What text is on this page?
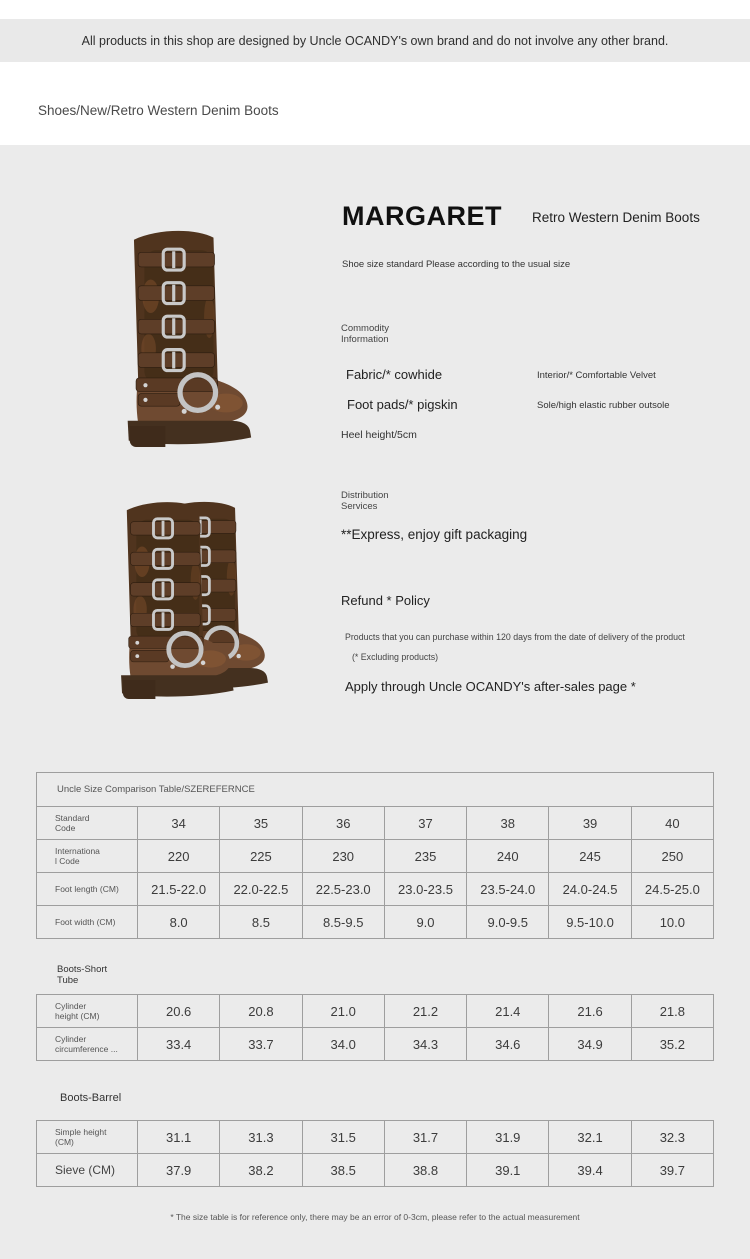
All products in this shop are designed by Uncle OCANDY's own brand and do not involve any other brand.
Shoes/New/Retro Western Denim Boots
MARGARET Retro Western Denim Boots
Shoe size standard Please according to the usual size
Commodity
Information
Fabric/* cowhide	Interior/* Comfortable Velvet
Foot pads/* pigskin	Sole/high elastic rubber outsole
Heel height/5cm
Distribution
Services
**Express, enjoy gift packaging
Refund * Policy
Products that you can purchase within 120 days from the date of delivery of the product
(* Excluding products)
Apply through Uncle OCANDY's after-sales page *
Uncle Size Comparison Table/SZEREFERNCE							
Standard
Code	34	35	36	37	38	39	40
Internationa
l Code	220	225	230	235	240	245	250
Foot length (CM)	21.5-22.0	22.0-22.5	22.5-23.0	23.0-23.5	23.5-24.0	24.0-24.5	24.5-25.0
Foot width (CM)	8.0	8.5	8.5-9.5	9.0	9.0-9.5	9.5-10.0	10.0
Boots-Short
Tube
Cylinder
height (CM)	20.6	20.8	21.0	21.2	21.4	21.6	21.8
Cylinder
circumference ...	33.4	33.7	34.0	34.3	34.6	34.9	35.2
Boots-Barrel
Simple height
(CM)	31.1	31.3	31.5	31.7	31.9	32.1	32.3
Sieve (CM)	37.9	38.2	38.5	38.8	39.1	39.4	39.7
* The size table is for reference only, there may be an error of 0-3cm, please refer to the actual measurement
